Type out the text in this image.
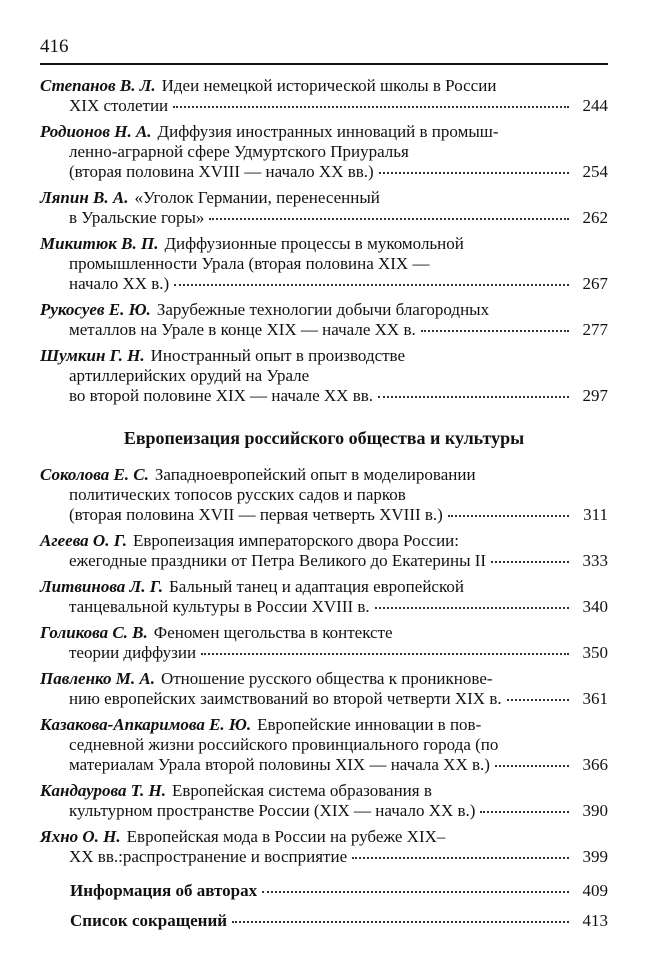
416
Степанов В. Л. Идеи немецкой исторической школы в России
XIX столетии	244
Родионов Н. А. Диффузия иностранных инноваций в промыш-
ленно-аграрной сфере Удмуртского Приуралья
(вторая половина XVIII — начало XX вв.)	254
Ляпин В. А. «Уголок Германии, перенесенный
в Уральские горы»	262
Микитюк В. П. Диффузионные процессы в мукомольной
промышленности Урала (вторая половина XIX —
начало XX в.)	267
Рукосуев Е. Ю. Зарубежные технологии добычи благородных
металлов на Урале в конце XIX — начале XX в.	277
Шумкин Г. Н. Иностранный опыт в производстве
артиллерийских орудий на Урале
во второй половине XIX — начале XX вв.	297
Европеизация российского общества и культуры
Соколова Е. С. Западноевропейский опыт в моделировании
политических топосов русских садов и парков
(вторая половина XVII — первая четверть XVIII в.)	311
Агеева О. Г. Европеизация императорского двора России:
ежегодные праздники от Петра Великого до Екатерины II	333
Литвинова Л. Г. Бальный танец и адаптация европейской
танцевальной культуры в России XVIII в.	340
Голикова С. В. Феномен щегольства в контексте
теории диффузии	350
Павленко М. А. Отношение русского общества к проникнове-
нию европейских заимствований во второй четверти XIX в.	361
Казакова-Апкаримова Е. Ю. Европейские инновации в пов-
седневной жизни российского провинциального города (по
материалам Урала второй половины XIX — начала XX в.)	366
Кандаурова Т. Н. Европейская система образования в
культурном пространстве России (XIX — начало XX в.)	390
Яхно О. Н. Европейская мода в России на рубеже XIX–
XX вв.:распространение и восприятие	399
Информация об авторах	409
Список сокращений	413
